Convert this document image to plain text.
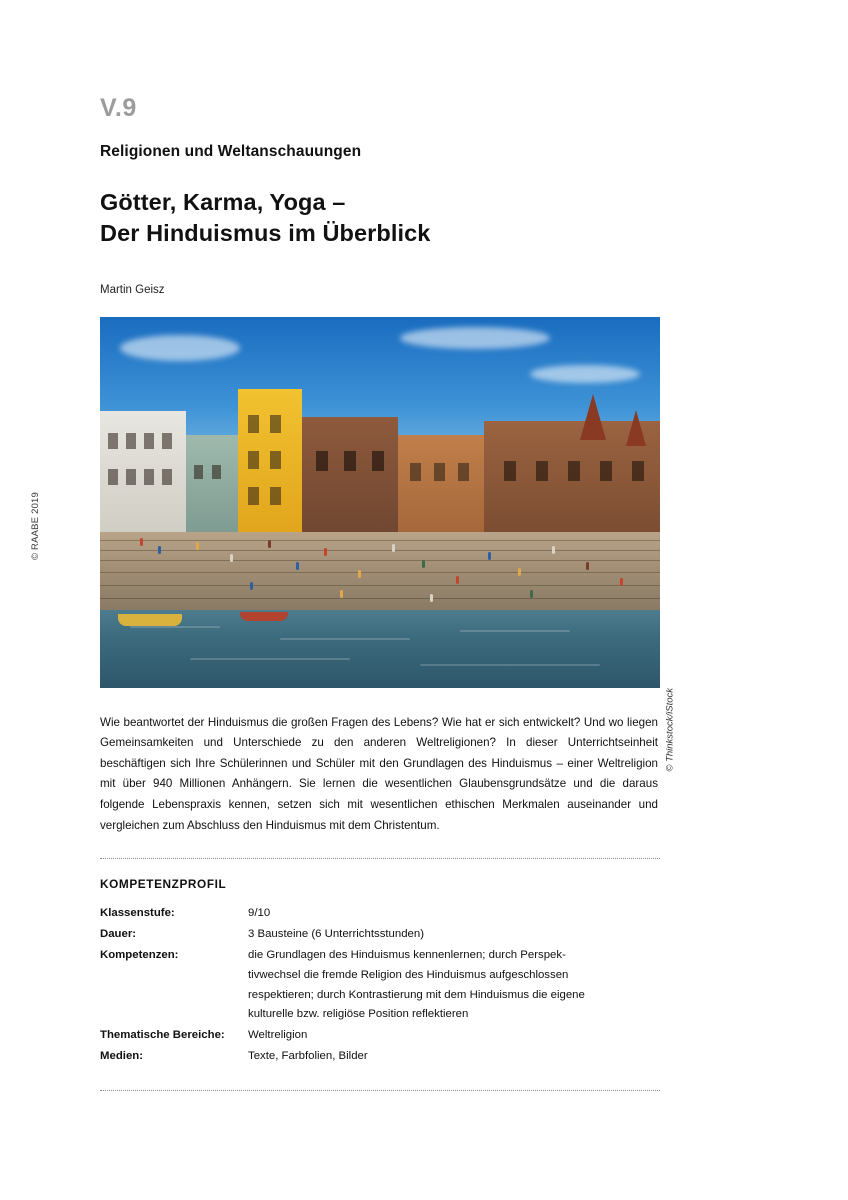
© RAABE 2019
V.9
Religionen und Weltanschauungen
Götter, Karma, Yoga –
Der Hinduismus im Überblick
Martin Geisz
© Thinkstock/iStock

Wie beantwortet der Hinduismus die großen Fragen des Lebens? Wie hat er sich entwickelt? Und wo liegen Gemeinsamkeiten und Unterschiede zu den anderen Weltreligionen? In dieser Unterrichtseinheit beschäftigen sich Ihre Schülerinnen und Schüler mit den Grundlagen des Hinduismus – einer Weltreligion mit über 940 Millionen Anhängern. Sie lernen die wesentlichen Glaubensgrundsätze und die daraus folgende Lebenspraxis kennen, setzen sich mit wesentlichen ethischen Merkmalen auseinander und vergleichen zum Abschluss den Hinduismus mit dem Christentum.

KOMPETENZPROFIL
Klassenstufe:	9/10
Dauer:	3 Bausteine (6 Unterrichtsstunden)
Kompetenzen:	die Grundlagen des Hinduismus kennenlernen; durch Perspek-
tivwechsel die fremde Religion des Hinduismus aufgeschlossen
respektieren; durch Kontrastierung mit dem Hinduismus die eigene
kulturelle bzw. religiöse Position reflektieren

Thematische Bereiche:	Weltreligion
Medien:	Texte, Farbfolien, Bilder
